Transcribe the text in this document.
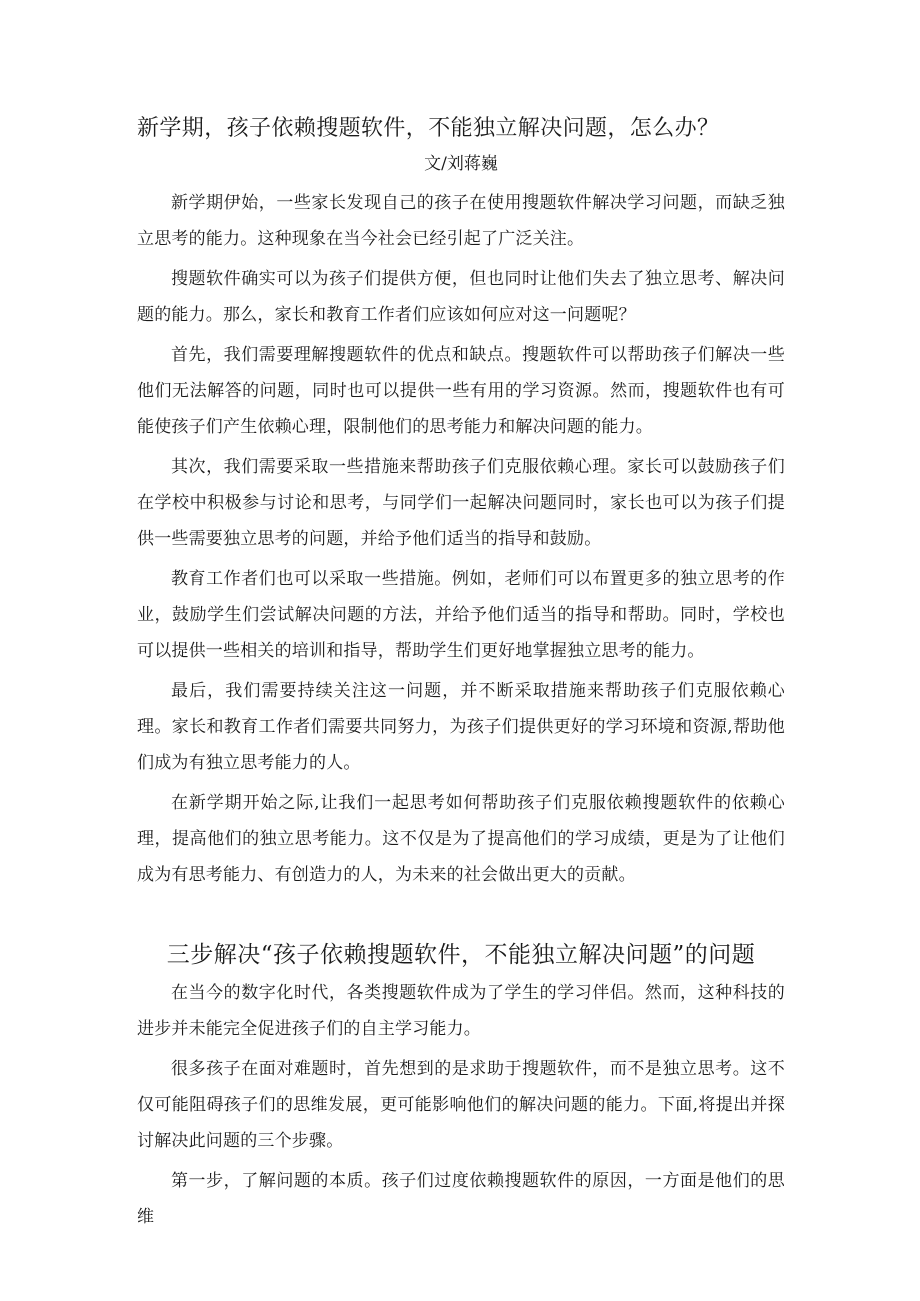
新学期，孩子依赖搜题软件，不能独立解决问题，怎么办？
文/刘蒋巍

新学期伊始，一些家长发现自己的孩子在使用搜题软件解决学习问题，而缺乏独立思考的能力。这种现象在当今社会已经引起了广泛关注。

搜题软件确实可以为孩子们提供方便，但也同时让他们失去了独立思考、解决问题的能力。那么，家长和教育工作者们应该如何应对这一问题呢？

首先，我们需要理解搜题软件的优点和缺点。搜题软件可以帮助孩子们解决一些他们无法解答的问题，同时也可以提供一些有用的学习资源。然而，搜题软件也有可能使孩子们产生依赖心理，限制他们的思考能力和解决问题的能力。

其次，我们需要采取一些措施来帮助孩子们克服依赖心理。家长可以鼓励孩子们在学校中积极参与讨论和思考，与同学们一起解决问题同时，家长也可以为孩子们提供一些需要独立思考的问题，并给予他们适当的指导和鼓励。

教育工作者们也可以采取一些措施。例如，老师们可以布置更多的独立思考的作业，鼓励学生们尝试解决问题的方法，并给予他们适当的指导和帮助。同时，学校也可以提供一些相关的培训和指导，帮助学生们更好地掌握独立思考的能力。

最后，我们需要持续关注这一问题，并不断采取措施来帮助孩子们克服依赖心理。家长和教育工作者们需要共同努力，为孩子们提供更好的学习环境和资源,帮助他们成为有独立思考能力的人。

在新学期开始之际,让我们一起思考如何帮助孩子们克服依赖搜题软件的依赖心理，提高他们的独立思考能力。这不仅是为了提高他们的学习成绩，更是为了让他们成为有思考能力、有创造力的人，为未来的社会做出更大的贡献。

三步解决“孩子依赖搜题软件，不能独立解决问题”的问题

在当今的数字化时代，各类搜题软件成为了学生的学习伴侣。然而，这种科技的进步并未能完全促进孩子们的自主学习能力。

很多孩子在面对难题时，首先想到的是求助于搜题软件，而不是独立思考。这不仅可能阻碍孩子们的思维发展，更可能影响他们的解决问题的能力。下面,将提出并探讨解决此问题的三个步骤。

第一步，了解问题的本质。孩子们过度依赖搜题软件的原因，一方面是他们的思维
